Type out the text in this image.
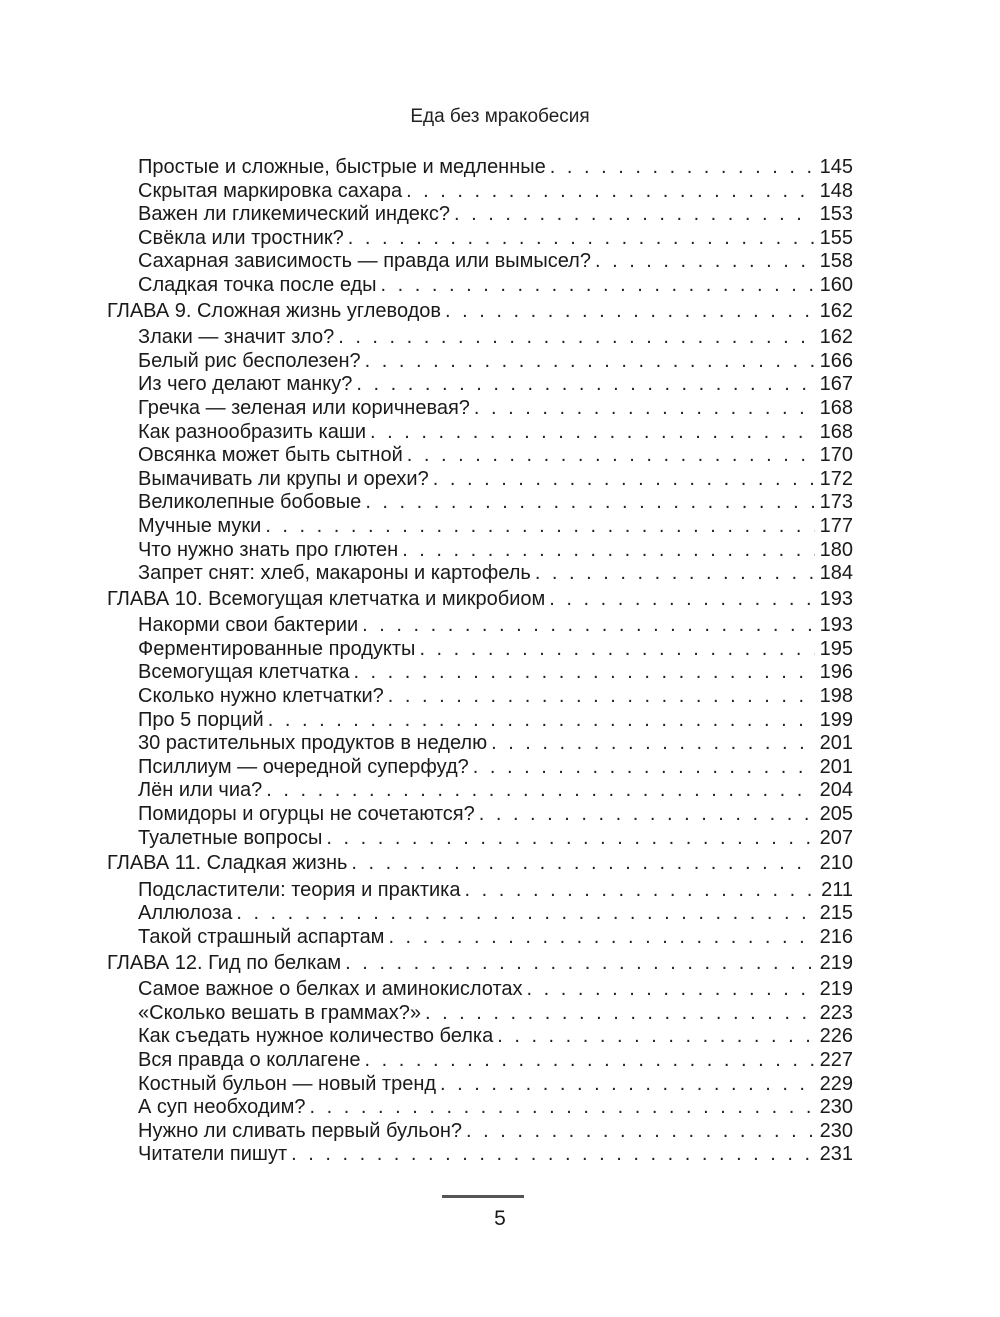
Еда без мракобесия
Простые и сложные, быстрые и медленные . . .	145
Скрытая маркировка сахара . . .	148
Важен ли гликемический индекс? . . .	153
Свёкла или тростник? . . .	155
Сахарная зависимость — правда или вымысел? . . .	158
Сладкая точка после еды . . .	160
ГЛАВА 9. Сложная жизнь углеводов . . .	162
Злаки — значит зло? . . .	162
Белый рис бесполезен? . . .	166
Из чего делают манку? . . .	167
Гречка — зеленая или коричневая? . . .	168
Как разнообразить каши . . .	168
Овсянка может быть сытной . . .	170
Вымачивать ли крупы и орехи? . . .	172
Великолепные бобовые . . .	173
Мучные муки . . .	177
Что нужно знать про глютен . . .	180
Запрет снят: хлеб, макароны и картофель . . .	184
ГЛАВА 10. Всемогущая клетчатка и микробиом . . .	193
Накорми свои бактерии . . .	193
Ферментированные продукты . . .	195
Всемогущая клетчатка . . .	196
Сколько нужно клетчатки? . . .	198
Про 5 порций . . .	199
30 растительных продуктов в неделю . . .	201
Псиллиум — очередной суперфуд? . . .	201
Лён или чиа? . . .	204
Помидоры и огурцы не сочетаются? . . .	205
Туалетные вопросы . . .	207
ГЛАВА 11. Сладкая жизнь . . .	210
Подсластители: теория и практика . . .	211
Аллюлоза . . .	215
Такой страшный аспартам . . .	216
ГЛАВА 12. Гид по белкам . . .	219
Самое важное о белках и аминокислотах . . .	219
«Сколько вешать в граммах?» . . .	223
Как съедать нужное количество белка . . .	226
Вся правда о коллагене . . .	227
Костный бульон — новый тренд . . .	229
А суп необходим? . . .	230
Нужно ли сливать первый бульон? . . .	230
Читатели пишут . . .	231
5
